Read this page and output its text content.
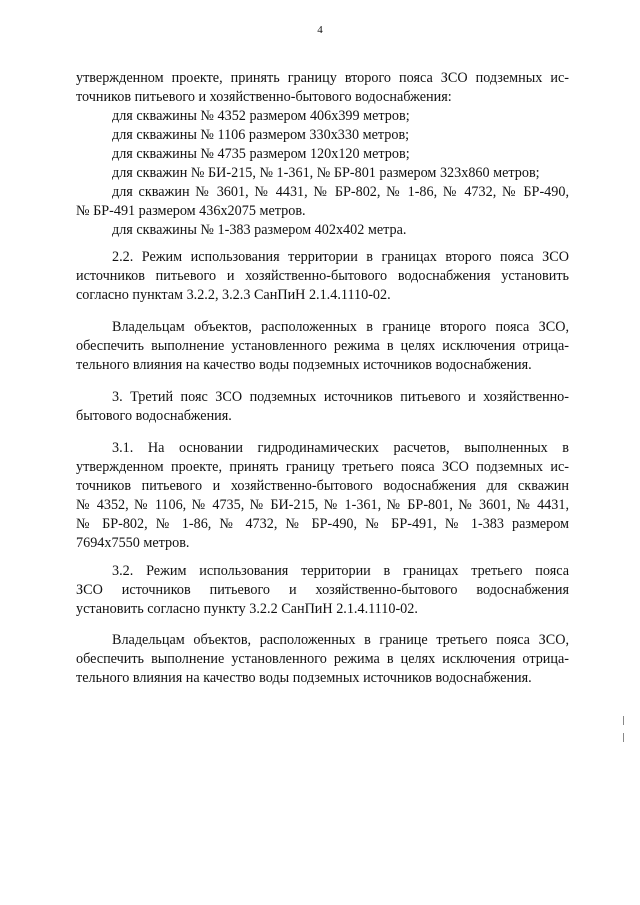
4
утвержденном проекте, принять границу второго пояса ЗСО подземных ис-
точников питьевого и хозяйственно-бытового водоснабжения:
для скважины № 4352 размером 406х399 метров;
для скважины № 1106 размером 330х330 метров;
для скважины № 4735 размером 120х120 метров;
для скважин № БИ-215, № 1-361, № БР-801 размером 323х860 метров;
для скважин № 3601, № 4431, № БР-802, № 1-86, № 4732, № БР-490,
№ БР-491 размером 436х2075 метров.
для скважины № 1-383 размером 402х402 метра.
2.2. Режим использования территории в границах второго пояса ЗСО
источников питьевого и хозяйственно-бытового водоснабжения установить
согласно пунктам 3.2.2, 3.2.3 СанПиН 2.1.4.1110-02.
Владельцам объектов, расположенных в границе второго пояса ЗСО,
обеспечить выполнение установленного режима в целях исключения отрица-
тельного влияния на качество воды подземных источников водоснабжения.
3. Третий пояс ЗСО подземных источников питьевого и хозяйственно-
бытового водоснабжения.
3.1. На основании гидродинамических расчетов, выполненных в
утвержденном проекте, принять границу третьего пояса ЗСО подземных ис-
точников питьевого и хозяйственно-бытового водоснабжения для скважин
№ 4352, № 1106, № 4735, № БИ-215, № 1-361, № БР-801, № 3601, № 4431,
№ БР-802, № 1-86, № 4732, № БР-490, № БР-491, № 1-383 размером
7694х7550 метров.
3.2. Режим использования территории в границах третьего пояса
ЗСО источников питьевого и хозяйственно-бытового водоснабжения
установить согласно пункту 3.2.2 СанПиН 2.1.4.1110-02.
Владельцам объектов, расположенных в границе третьего пояса ЗСО,
обеспечить выполнение установленного режима в целях исключения отрица-
тельного влияния на качество воды подземных источников водоснабжения.
